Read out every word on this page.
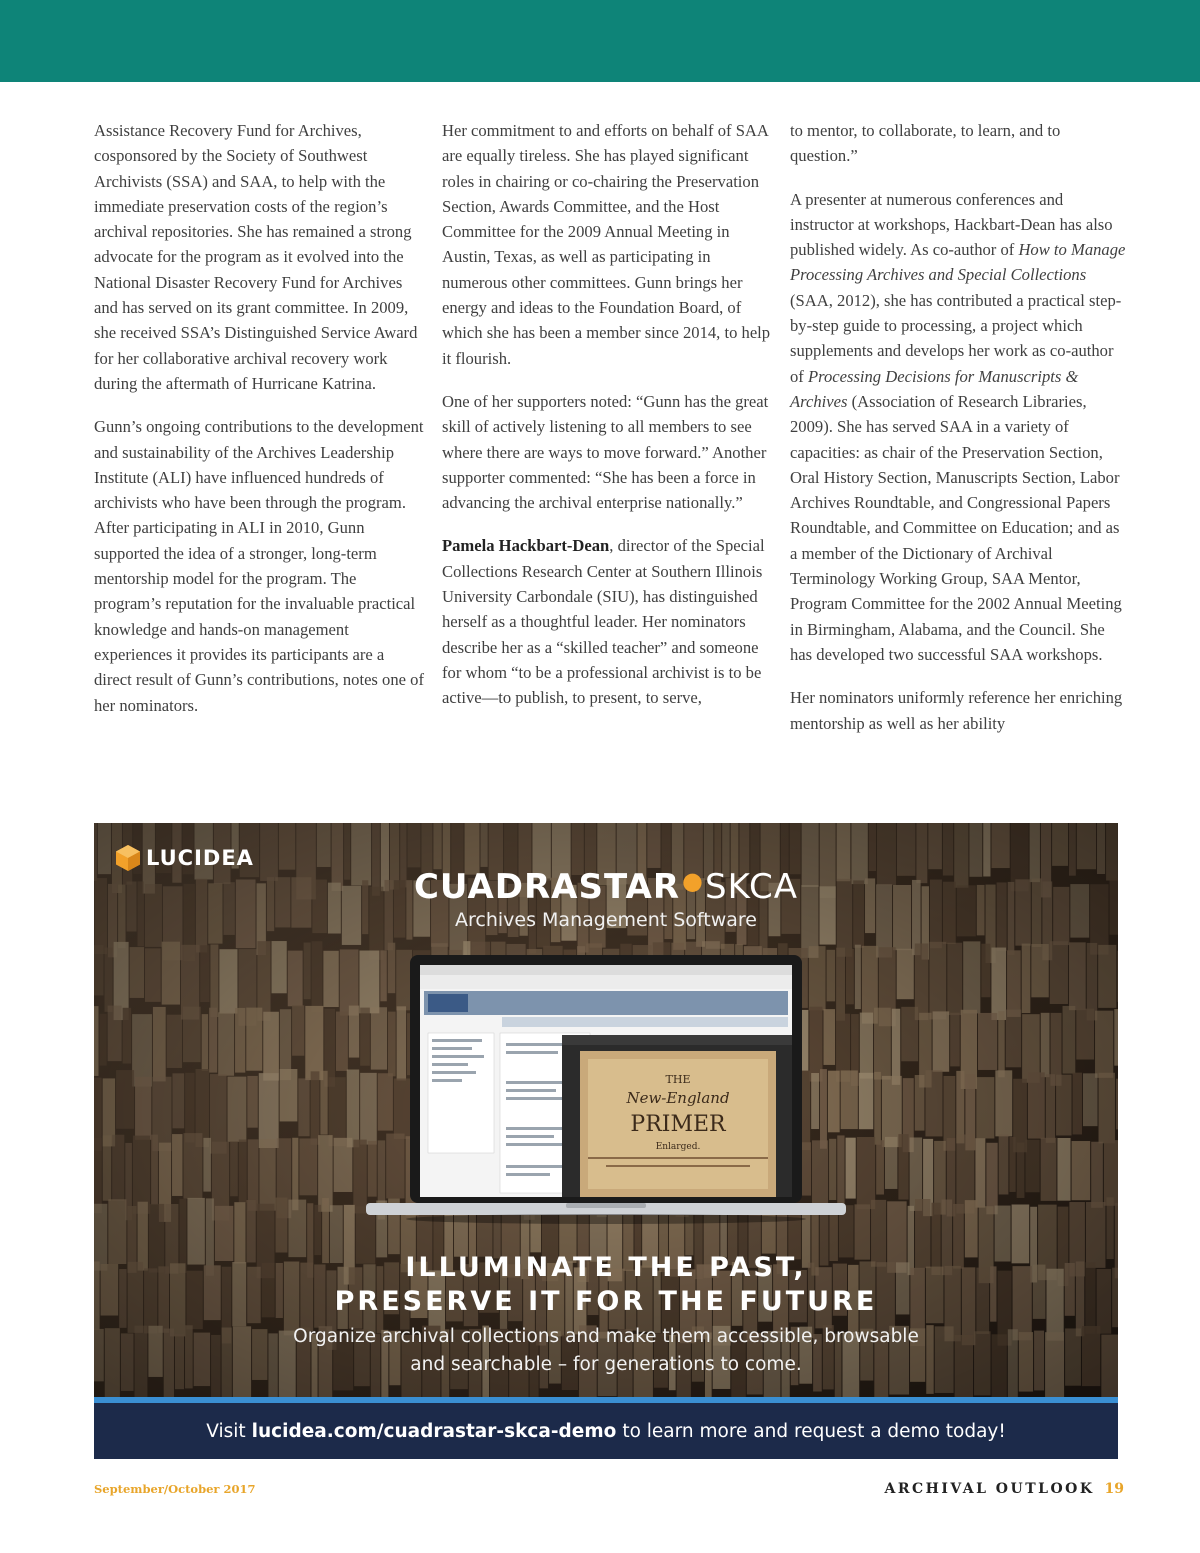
Assistance Recovery Fund for Archives, cosponsored by the Society of Southwest Archivists (SSA) and SAA, to help with the immediate preservation costs of the region’s archival repositories. She has remained a strong advocate for the program as it evolved into the National Disaster Recovery Fund for Archives and has served on its grant committee. In 2009, she received SSA’s Distinguished Service Award for her collaborative archival recovery work during the aftermath of Hurricane Katrina.

Gunn’s ongoing contributions to the development and sustainability of the Archives Leadership Institute (ALI) have influenced hundreds of archivists who have been through the program. After participating in ALI in 2010, Gunn supported the idea of a stronger, long-term mentorship model for the program. The program’s reputation for the invaluable practical knowledge and hands-on management experiences it provides its participants are a direct result of Gunn’s contributions, notes one of her nominators.

Her commitment to and efforts on behalf of SAA are equally tireless. She has played significant roles in chairing or co-chairing the Preservation Section, Awards Committee, and the Host Committee for the 2009 Annual Meeting in Austin, Texas, as well as participating in numerous other committees. Gunn brings her energy and ideas to the Foundation Board, of which she has been a member since 2014, to help it flourish.

One of her supporters noted: “Gunn has the great skill of actively listening to all members to see where there are ways to move forward.” Another supporter commented: “She has been a force in advancing the archival enterprise nationally.”

Pamela Hackbart-Dean, director of the Special Collections Research Center at Southern Illinois University Carbondale (SIU), has distinguished herself as a thoughtful leader. Her nominators describe her as a “skilled teacher” and someone for whom “to be a professional archivist is to be active—to publish, to present, to serve,

to mentor, to collaborate, to learn, and to question.”

A presenter at numerous conferences and instructor at workshops, Hackbart-Dean has also published widely. As co-author of How to Manage Processing Archives and Special Collections (SAA, 2012), she has contributed a practical step-by-step guide to processing, a project which supplements and develops her work as co-author of Processing Decisions for Manuscripts & Archives (Association of Research Libraries, 2009). She has served SAA in a variety of capacities: as chair of the Preservation Section, Oral History Section, Manuscripts Section, Labor Archives Roundtable, and Congressional Papers Roundtable, and Committee on Education; and as a member of the Dictionary of Archival Terminology Working Group, SAA Mentor, Program Committee for the 2002 Annual Meeting in Birmingham, Alabama, and the Council. She has developed two successful SAA workshops.

Her nominators uniformly reference her enriching mentorship as well as her ability

LUCIDEA
CUADRASTAR●SKCA
Archives Management Software
THE
New-England
PRIMER
Enlarged.
ILLUMINATE THE PAST,
PRESERVE IT FOR THE FUTURE
Organize archival collections and make them accessible, browsable
and searchable – for generations to come.
Visit lucidea.com/cuadrastar-skca-demo to learn more and request a demo today!
September/October 2017	ARCHIVAL OUTLOOK 19
